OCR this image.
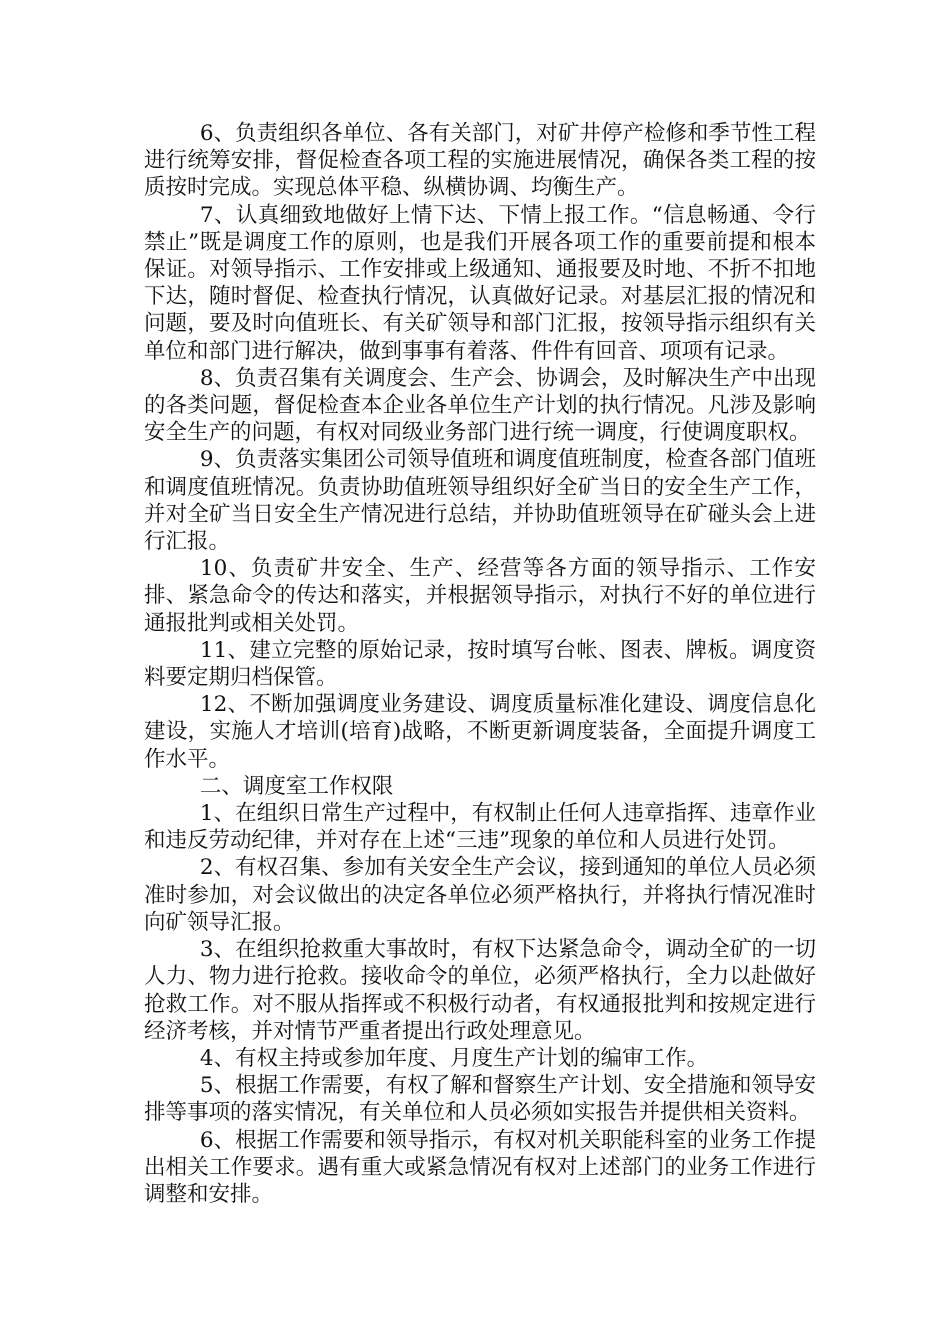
6、负责组织各单位、各有关部门，对矿井停产检修和季节性工程进行统筹安排，督促检查各项工程的实施进展情况，确保各类工程的按质按时完成。实现总体平稳、纵横协调、均衡生产。

7、认真细致地做好上情下达、下情上报工作。“信息畅通、令行禁止”既是调度工作的原则，也是我们开展各项工作的重要前提和根本保证。对领导指示、工作安排或上级通知、通报要及时地、不折不扣地下达，随时督促、检查执行情况，认真做好记录。对基层汇报的情况和问题，要及时向值班长、有关矿领导和部门汇报，按领导指示组织有关单位和部门进行解决，做到事事有着落、件件有回音、项项有记录。

8、负责召集有关调度会、生产会、协调会，及时解决生产中出现的各类问题，督促检查本企业各单位生产计划的执行情况。凡涉及影响安全生产的问题，有权对同级业务部门进行统一调度，行使调度职权。

9、负责落实集团公司领导值班和调度值班制度，检查各部门值班和调度值班情况。负责协助值班领导组织好全矿当日的安全生产工作，并对全矿当日安全生产情况进行总结，并协助值班领导在矿碰头会上进行汇报。

10、负责矿井安全、生产、经营等各方面的领导指示、工作安排、紧急命令的传达和落实，并根据领导指示，对执行不好的单位进行通报批判或相关处罚。

11、建立完整的原始记录，按时填写台帐、图表、牌板。调度资料要定期归档保管。

12、不断加强调度业务建设、调度质量标准化建设、调度信息化建设，实施人才培训(培育)战略，不断更新调度装备，全面提升调度工作水平。

二、调度室工作权限

1、在组织日常生产过程中，有权制止任何人违章指挥、违章作业和违反劳动纪律，并对存在上述“三违”现象的单位和人员进行处罚。

2、有权召集、参加有关安全生产会议，接到通知的单位人员必须准时参加，对会议做出的决定各单位必须严格执行，并将执行情况准时向矿领导汇报。

3、在组织抢救重大事故时，有权下达紧急命令，调动全矿的一切人力、物力进行抢救。接收命令的单位，必须严格执行，全力以赴做好抢救工作。对不服从指挥或不积极行动者，有权通报批判和按规定进行经济考核，并对情节严重者提出行政处理意见。

4、有权主持或参加年度、月度生产计划的编审工作。

5、根据工作需要，有权了解和督察生产计划、安全措施和领导安排等事项的落实情况，有关单位和人员必须如实报告并提供相关资料。

6、根据工作需要和领导指示，有权对机关职能科室的业务工作提出相关工作要求。遇有重大或紧急情况有权对上述部门的业务工作进行调整和安排。
